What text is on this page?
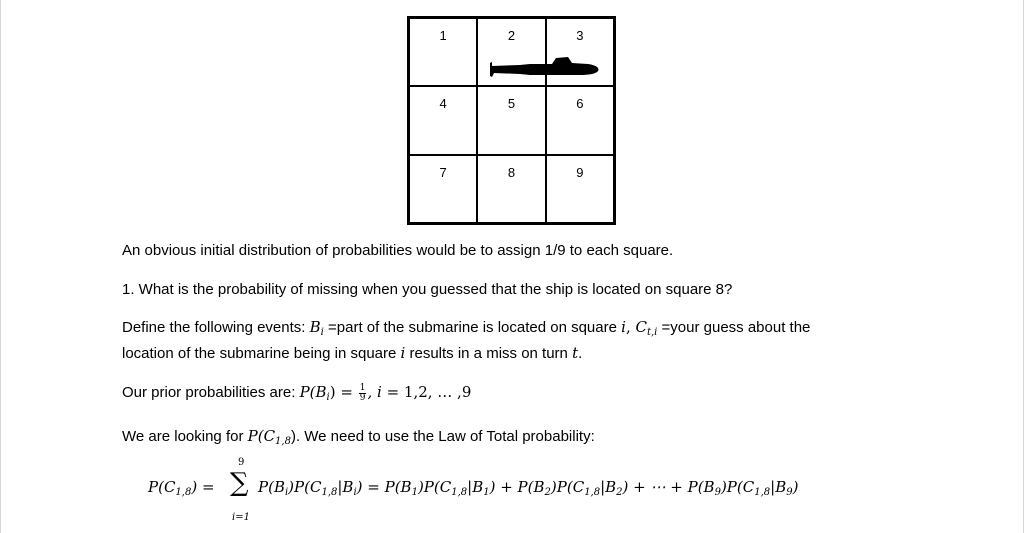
1	2	3
4	5	6
7	8	9
An obvious initial distribution of probabilities would be to assign 1/9 to each square.
1. What is the probability of missing when you guessed that the ship is located on square 8?
Define the following events: $B_i$ =part of the submarine is located on square i, $C_{t,i}$ =your guess about the
location of the submarine being in square i results in a miss on turn t.
Our prior probabilities are: $P(B_i) = \frac{1}{9}$ , i = 1,2, … ,9
We are looking for $P(C_{1,8})$. We need to use the Law of Total probability:
9
∑
i=1
$P(C_{1,8})$ =	$P(B_i)P(C_{1,8}|B_i) = P(B_1)P(C_{1,8}|B_1) + P(B_2)P(C_{1,8}|B_2)$ + ⋯ + $P(B_9)P(C_{1,8}|B_9)$
